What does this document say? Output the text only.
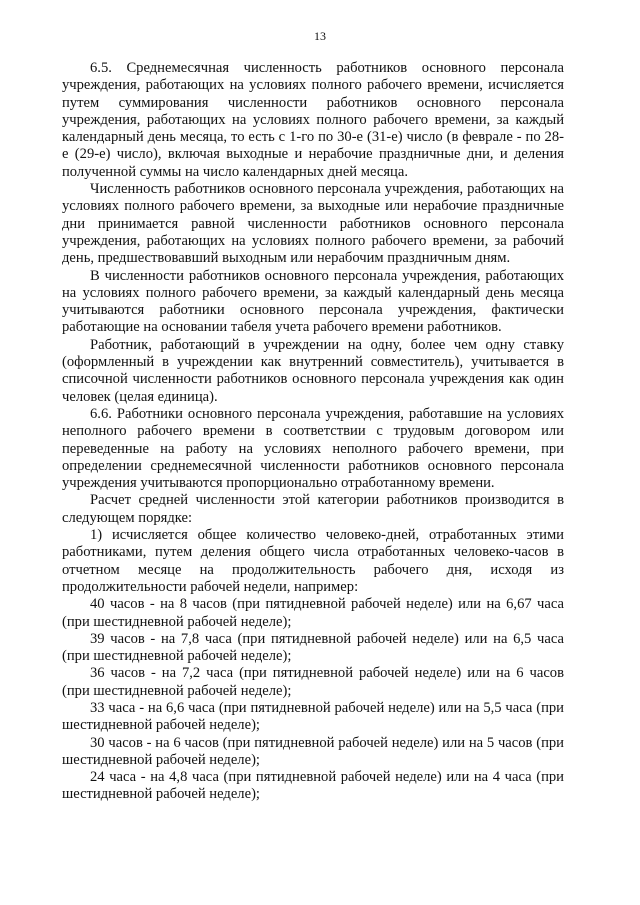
13

6.5. Среднемесячная численность работников основного персонала учреждения, работающих на условиях полного рабочего времени, исчисляется путем суммирования численности работников основного персонала учреждения, работающих на условиях полного рабочего времени, за каждый календарный день месяца, то есть с 1-го по 30-е (31-е) число (в феврале - по 28-е (29-е) число), включая выходные и нерабочие праздничные дни, и деления полученной суммы на число календарных дней месяца.

Численность работников основного персонала учреждения, работающих на условиях полного рабочего времени, за выходные или нерабочие праздничные дни принимается равной численности работников основного персонала учреждения, работающих на условиях полного рабочего времени, за рабочий день, предшествовавший выходным или нерабочим праздничным дням.

В численности работников основного персонала учреждения, работающих на условиях полного рабочего времени, за каждый календарный день месяца учитываются работники основного персонала учреждения, фактически работающие на основании табеля учета рабочего времени работников.

Работник, работающий в учреждении на одну, более чем одну ставку (оформленный в учреждении как внутренний совместитель), учитывается в списочной численности работников основного персонала учреждения как один человек (целая единица).

6.6. Работники основного персонала учреждения, работавшие на условиях неполного рабочего времени в соответствии с трудовым договором или переведенные на работу на условиях неполного рабочего времени, при определении среднемесячной численности работников основного персонала учреждения учитываются пропорционально отработанному времени.

Расчет средней численности этой категории работников производится в следующем порядке:

1) исчисляется общее количество человеко-дней, отработанных этими работниками, путем деления общего числа отработанных человеко-часов в отчетном месяце на продолжительность рабочего дня, исходя из продолжительности рабочей недели, например:

40 часов - на 8 часов (при пятидневной рабочей неделе) или на 6,67 часа (при шестидневной рабочей неделе);

39 часов - на 7,8 часа (при пятидневной рабочей неделе) или на 6,5 часа (при шестидневной рабочей неделе);

36 часов - на 7,2 часа (при пятидневной рабочей неделе) или на 6 часов (при шестидневной рабочей неделе);

33 часа - на 6,6 часа (при пятидневной рабочей неделе) или на 5,5 часа (при шестидневной рабочей неделе);

30 часов - на 6 часов (при пятидневной рабочей неделе) или на 5 часов (при шестидневной рабочей неделе);

24 часа - на 4,8 часа (при пятидневной рабочей неделе) или на 4 часа (при шестидневной рабочей неделе);
